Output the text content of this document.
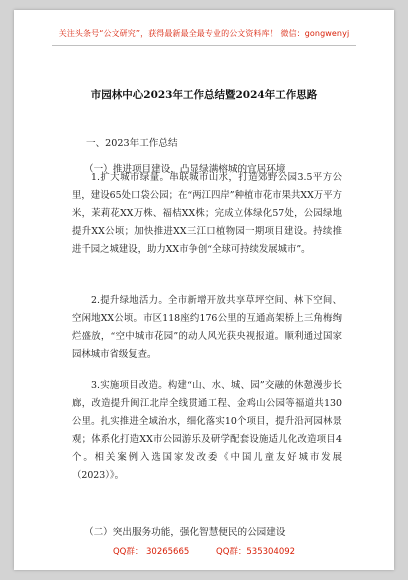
关注头条号“公文研究”，获得最新最全最专业的公文资料库！ 微信：gongwenyj
市园林中心2023年工作总结暨2024年工作思路
一、2023年工作总结
（一）推进项目建设，凸显绿满榕城的宜居环境

1.扩大城市绿量。串联城市山水，打造郊野公园3.5平方公里，建设65处口袋公园；在“两江四岸”种植市花市果共XX万平方米，茉莉花XX万株、福桔XX株；完成立体绿化57处，公园绿地提升XX公顷；加快推进XX三江口植物园一期项目建设。持续推进千园之城建设，助力XX市争创“全球可持续发展城市”。

2.提升绿地活力。全市新增开放共享草坪空间、林下空间、空闲地XX公顷。市区118座约176公里的互通高架桥上三角梅绚烂盛放，“空中城市花园”的动人风光获央视报道。顺利通过国家园林城市省级复查。

3.实施项目改造。构建“山、水、城、园”交融的休憩漫步长廊，改造提升闽江北岸全线贯通工程、金鸡山公园等福道共130公里。扎实推进全域治水，细化落实10个项目，提升沿河园林景观；体系化打造XX市公园游乐及研学配套设施适儿化改造项目4个。相关案例入选国家发改委《中国儿童友好城市发展（2023）》。

（二）突出服务功能，强化智慧便民的公园建设
QQ群： 30265665	QQ群：535304092
